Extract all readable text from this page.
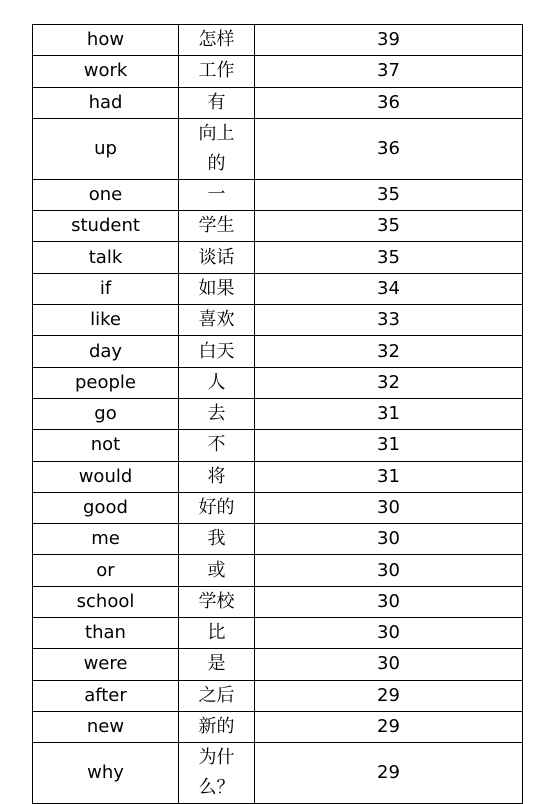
how	怎样	39
work	工作	37
had	有	36
up	向上的	36
one	一	35
student	学生	35
talk	谈话	35
if	如果	34
like	喜欢	33
day	白天	32
people	人	32
go	去	31
not	不	31
would	将	31
good	好的	30
me	我	30
or	或	30
school	学校	30
than	比	30
were	是	30
after	之后	29
new	新的	29
why	为什么？	29
